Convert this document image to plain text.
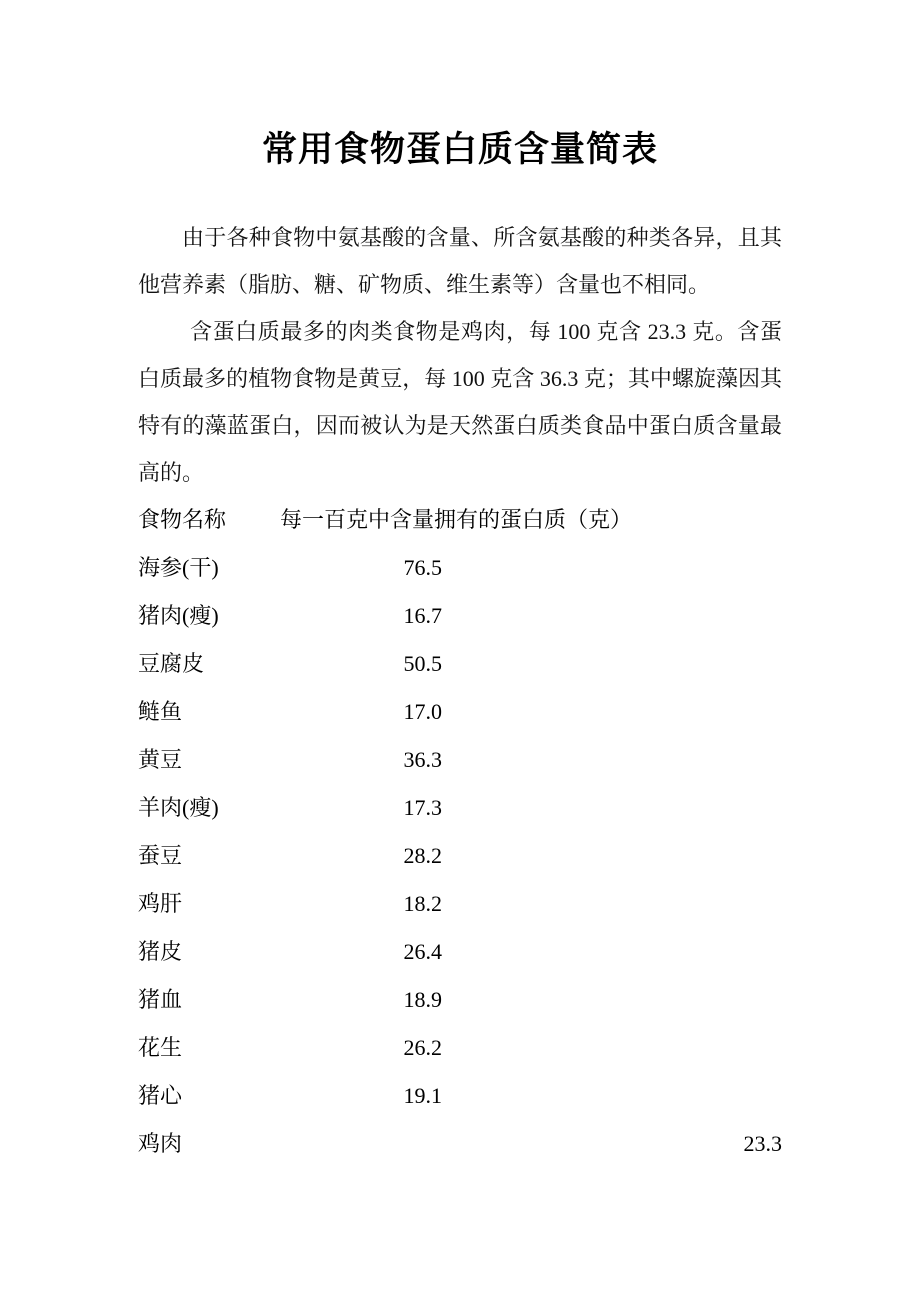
常用食物蛋白质含量简表

由于各种食物中氨基酸的含量、所含氨基酸的种类各异，且其他营养素（脂肪、糖、矿物质、维生素等）含量也不相同。

含蛋白质最多的肉类食物是鸡肉，每 100 克含 23.3 克。含蛋白质最多的植物食物是黄豆，每 100 克含 36.3 克；其中螺旋藻因其特有的藻蓝蛋白，因而被认为是天然蛋白质类食品中蛋白质含量最高的。

食物名称 每一百克中含量拥有的蛋白质（克）
海参(干)	76.5
猪肉(瘦)	16.7
豆腐皮	50.5
鲢鱼	17.0
黄豆	36.3
羊肉(瘦)	17.3
蚕豆	28.2
鸡肝	18.2
猪皮	26.4
猪血	18.9
花生	26.2
猪心	19.1
鸡肉	23.3
